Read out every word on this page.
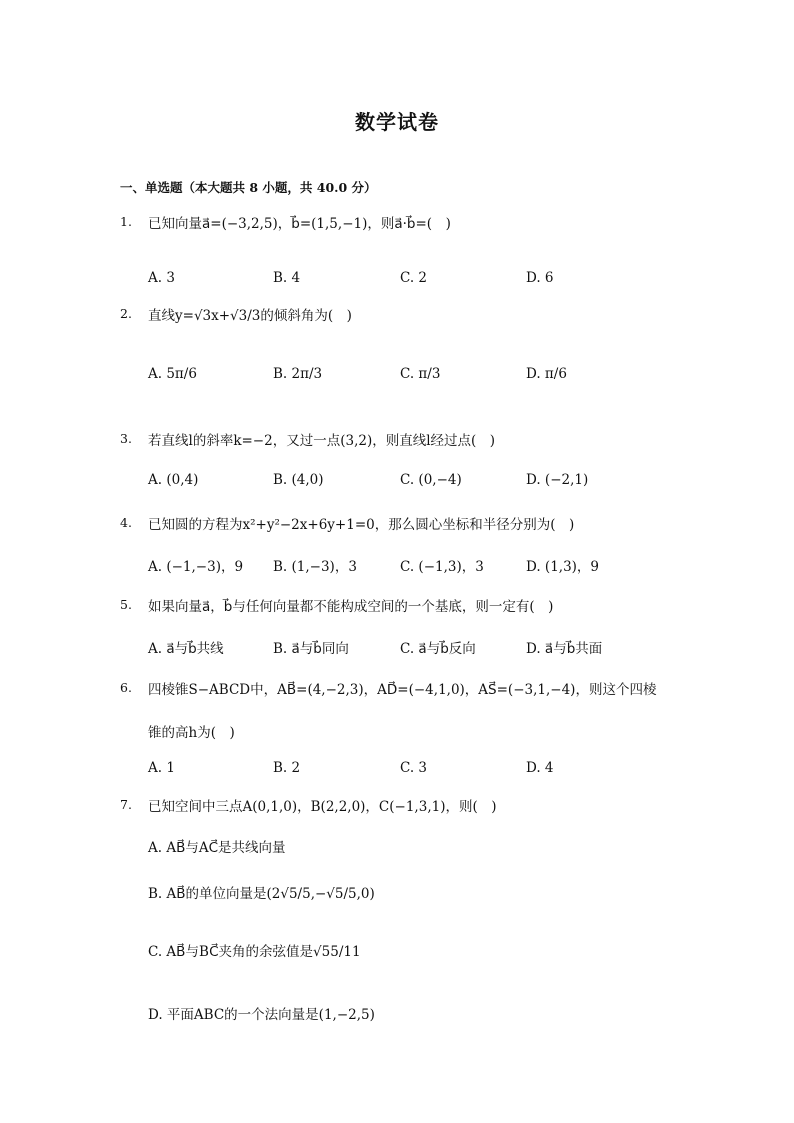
数学试卷
一、单选题（本大题共 8 小题，共 40.0 分）
1. 已知向量a⃗=(−3,2,5)，b⃗=(1,5,−1)，则a⃗·b⃗=(　)
A. 3	B. 4	C. 2	D. 6
2. 直线y=√3x+√3/3的倾斜角为(　)
A. 5π/6	B. 2π/3	C. π/3	D. π/6
3. 若直线l的斜率k=−2，又过一点(3,2)，则直线l经过点(　)
A. (0,4)	B. (4,0)	C. (0,−4)	D. (−2,1)
4. 已知圆的方程为x²+y²−2x+6y+1=0，那么圆心坐标和半径分别为(　)
A. (−1,−3)，9 B. (1,−3)，3	C. (−1,3)，3	D. (1,3)，9
5. 如果向量a⃗，b⃗与任何向量都不能构成空间的一个基底，则一定有(　)
A. a⃗与b⃗共线	B. a⃗与b⃗同向	C. a⃗与b⃗反向	D. a⃗与b⃗共面
6. 四棱锥S−ABCD中，AB⃗=(4,−2,3)，AD⃗=(−4,1,0)，AS⃗=(−3,1,−4)，则这个四棱
锥的高h为(　)
A. 1	B. 2	C. 3	D. 4
7. 已知空间中三点A(0,1,0)，B(2,2,0)，C(−1,3,1)，则(　)
A. AB⃗与AC⃗是共线向量
B. AB⃗的单位向量是(2√5/5,−√5/5,0)
C. AB⃗与BC⃗夹角的余弦值是√55/11
D. 平面ABC的一个法向量是(1,−2,5)
